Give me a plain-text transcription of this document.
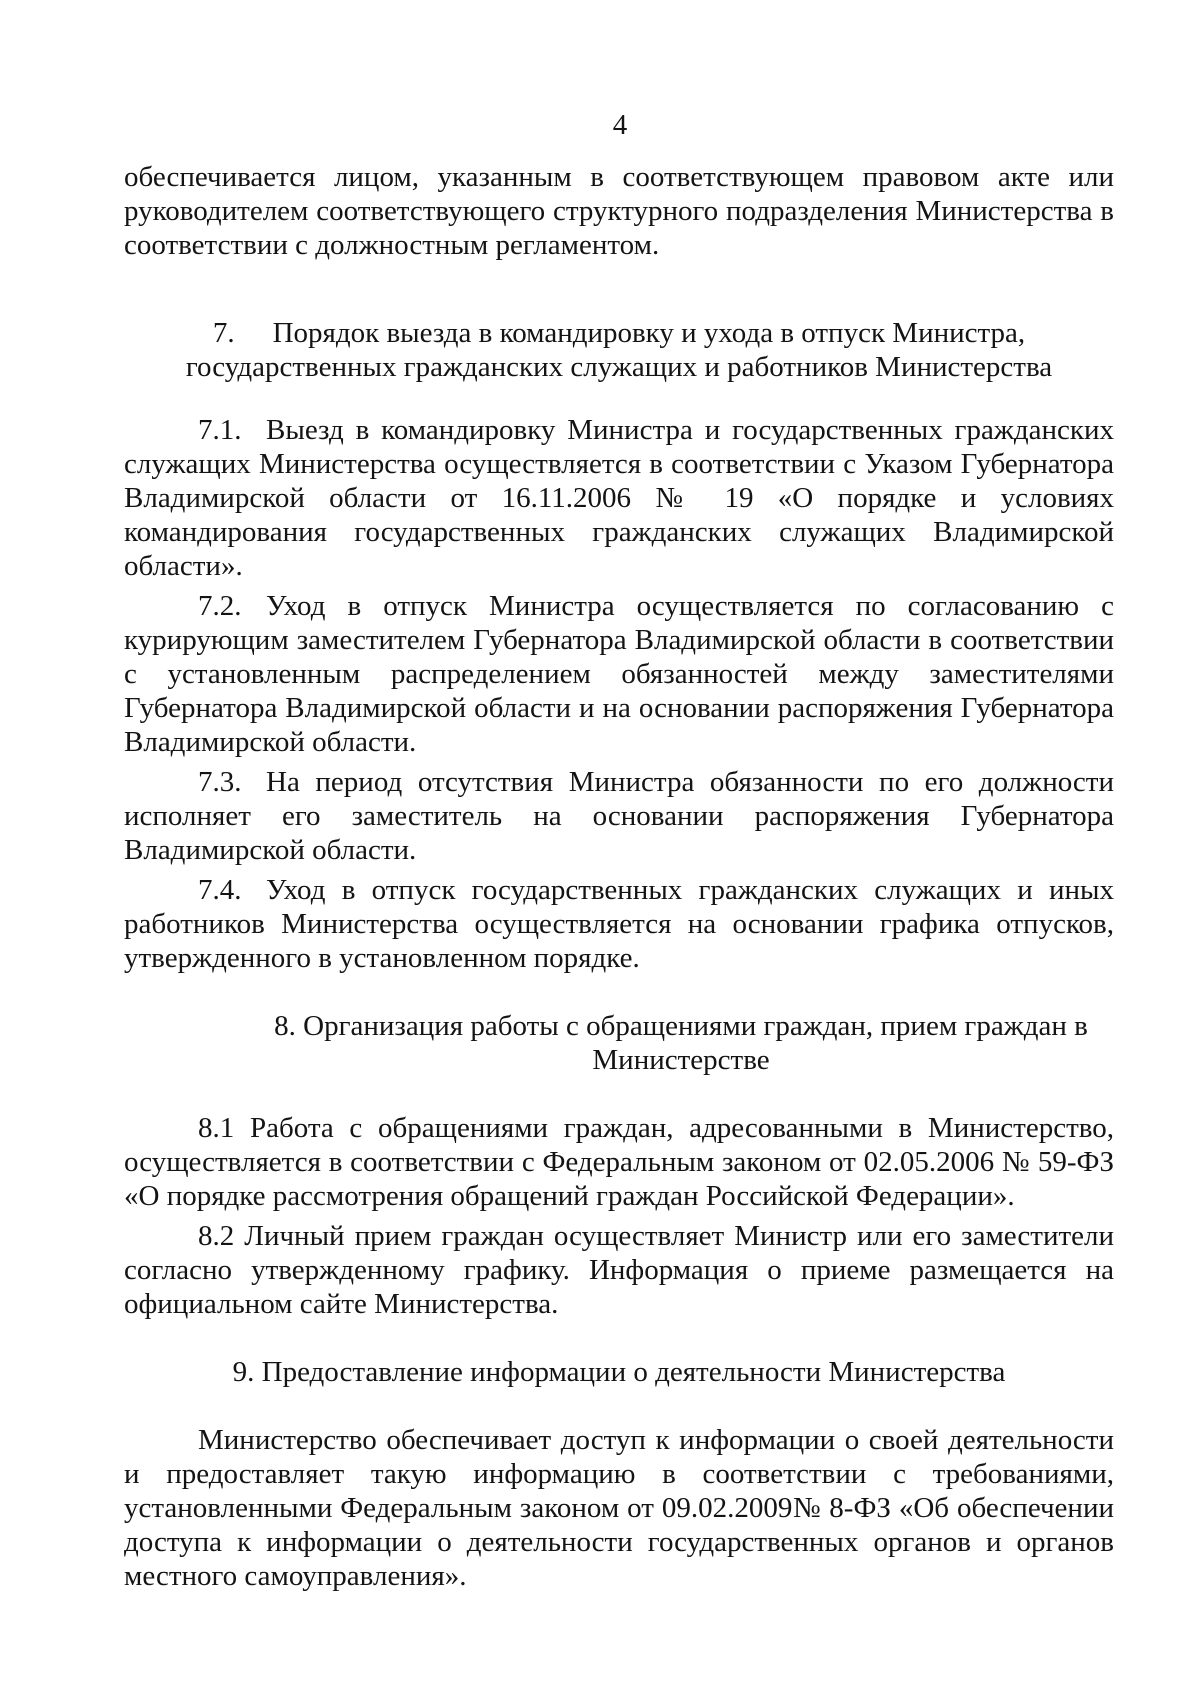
4

обеспечивается лицом, указанным в соответствующем правовом акте или руководителем соответствующего структурного подразделения Министерства в соответствии с должностным регламентом.

7. Порядок выезда в командировку и ухода в отпуск Министра,
государственных гражданских служащих и работников Министерства

7.1. Выезд в командировку Министра и государственных гражданских служащих Министерства осуществляется в соответствии с Указом Губернатора Владимирской области от 16.11.2006 № 19 «О порядке и условиях командирования государственных гражданских служащих Владимирской области».

7.2. Уход в отпуск Министра осуществляется по согласованию с курирующим заместителем Губернатора Владимирской области в соответствии с установленным распределением обязанностей между заместителями Губернатора Владимирской области и на основании распоряжения Губернатора Владимирской области.

7.3. На период отсутствия Министра обязанности по его должности исполняет его заместитель на основании распоряжения Губернатора Владимирской области.

7.4. Уход в отпуск государственных гражданских служащих и иных работников Министерства осуществляется на основании графика отпусков, утвержденного в установленном порядке.

8. Организация работы с обращениями граждан, прием граждан в
Министерстве

8.1 Работа с обращениями граждан, адресованными в Министерство, осуществляется в соответствии с Федеральным законом от 02.05.2006 № 59-ФЗ «О порядке рассмотрения обращений граждан Российской Федерации».

8.2 Личный прием граждан осуществляет Министр или его заместители согласно утвержденному графику. Информация о приеме размещается на официальном сайте Министерства.

9. Предоставление информации о деятельности Министерства

Министерство обеспечивает доступ к информации о своей деятельности и предоставляет такую информацию в соответствии с требованиями, установленными Федеральным законом от 09.02.2009№ 8-ФЗ «Об обеспечении доступа к информации о деятельности государственных органов и органов местного самоуправления».
